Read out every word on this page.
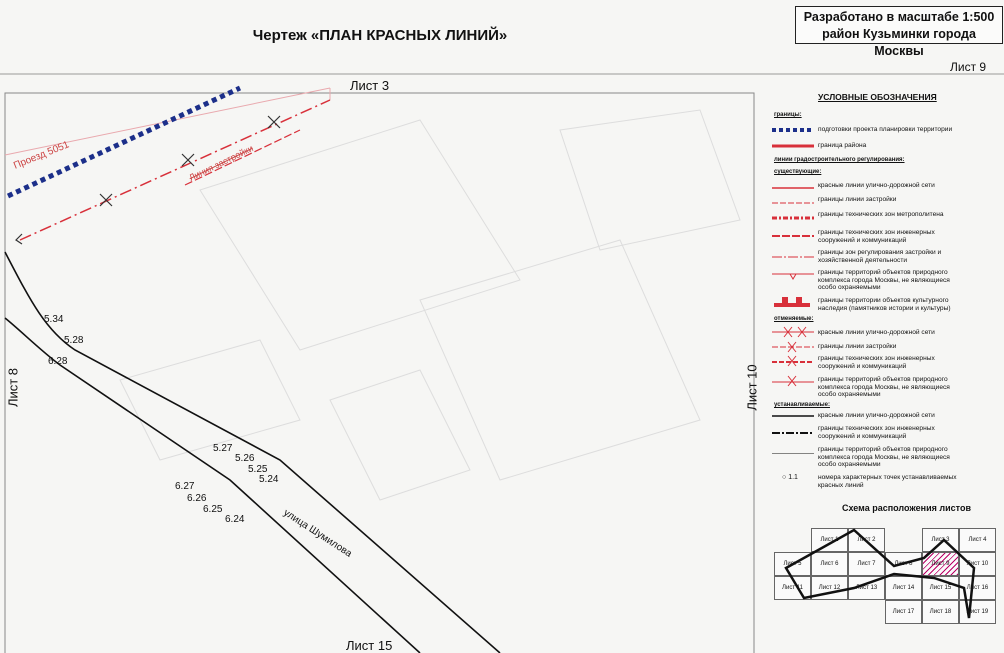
Чертеж «ПЛАН КРАСНЫХ ЛИНИЙ»
Разработано в масштабе 1:500
район Кузьминки города Москвы
Лист 9
Лист 3
Лист 15
Лист 8	Лист 10
Проезд 5051	Линия застройки
улица Шумилова
5.34
5.28
6.28
5.27
5.26
5.25
5.24
6.27
6.26
6.25
6.24
УСЛОВНЫЕ ОБОЗНАЧЕНИЯ
границы:
подготовки проекта планировки территории
граница района
линии градостроительного регулирования:
существующие:
красные линии улично-дорожной сети
границы линии застройки
границы технических зон метрополитена
границы технических зон инженерных сооружений и коммуникаций
границы зон регулирования застройки и хозяйственной деятельности
границы территорий объектов природного комплекса города Москвы, не являющиеся особо охраняемыми
границы территории объектов культурного наследия (памятников истории и культуры)
отменяемые:
красные линии улично-дорожной сети
границы линии застройки
границы технических зон инженерных сооружений и коммуникаций
границы территорий объектов природного комплекса города Москвы, не являющиеся особо охраняемыми
устанавливаемые:
красные линии улично-дорожной сети
границы технических зон инженерных сооружений и коммуникаций
границы территорий объектов природного комплекса города Москвы, не являющиеся особо охраняемыми
номера характерных точек устанавливаемых красных линий
○ 1.1
Схема расположения листов
Лист 1	Лист 2	Лист 3	Лист 4
Лист 5	Лист 6	Лист 7	Лист 8	Лист 9	Лист 10
Лист 11	Лист 12	Лист 13	Лист 14	Лист 15	Лист 16
Лист 17	Лист 18	Лист 19
